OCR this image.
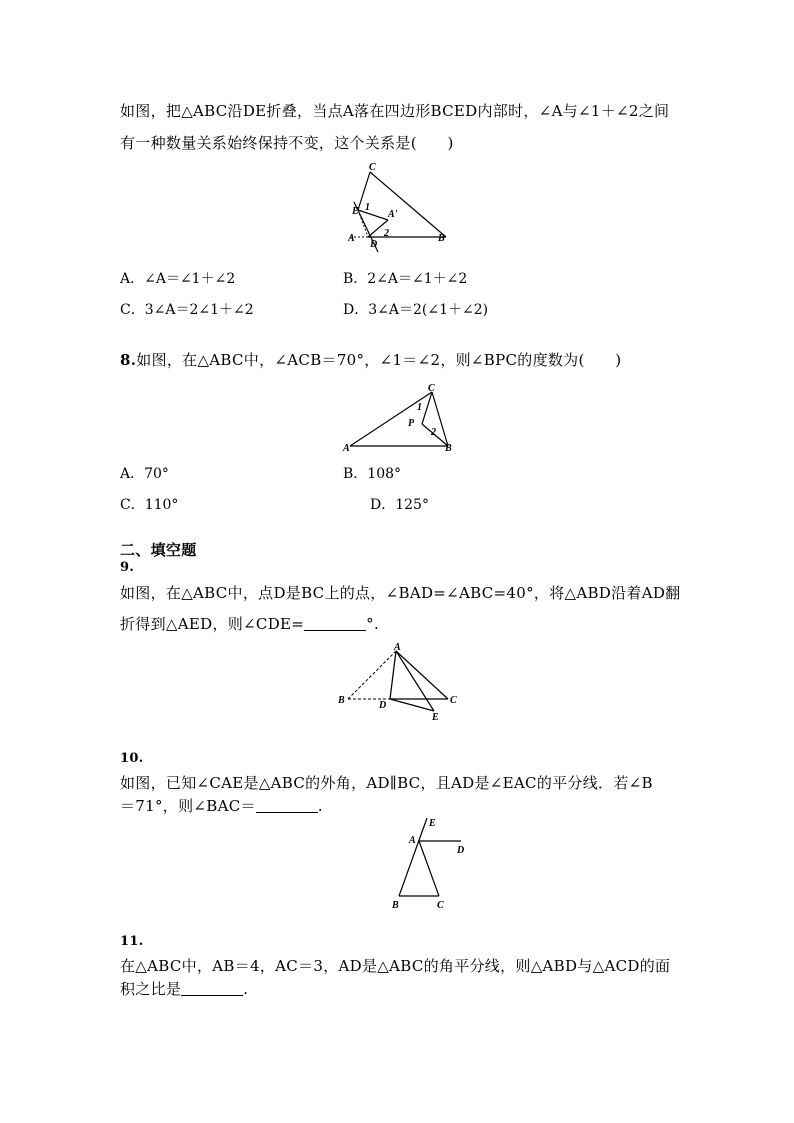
如图，把△ABC沿DE折叠，当点A落在四边形BCED内部时，∠A与∠1＋∠2之间
有一种数量关系始终保持不变，这个关系是(　　)
C
E 1
A'
A
D
2	B
A．∠A＝∠1＋∠2	B．2∠A＝∠1＋∠2
C．3∠A＝2∠1＋∠2	D．3∠A＝2(∠1＋∠2)
8.如图，在△ABC中，∠ACB＝70°，∠1＝∠2，则∠BPC的度数为(　　)
C
1
P
2
A	B
A．70°	B．108°
C．110°	D．125°
二、填空题
9.
如图，在△ABC中，点D是BC上的点，∠BAD=∠ABC=40°，将△ABD沿着AD翻
折得到△AED，则∠CDE=	°.
A
B	D	C
E
10.
如图，已知∠CAE是△ABC的外角，AD∥BC，且AD是∠EAC的平分线．若∠B
＝71°，则∠BAC＝	.
E
A
D
B	C
11.
在△ABC中，AB＝4，AC＝3，AD是△ABC的角平分线，则△ABD与△ACD的面
积之比是	.
